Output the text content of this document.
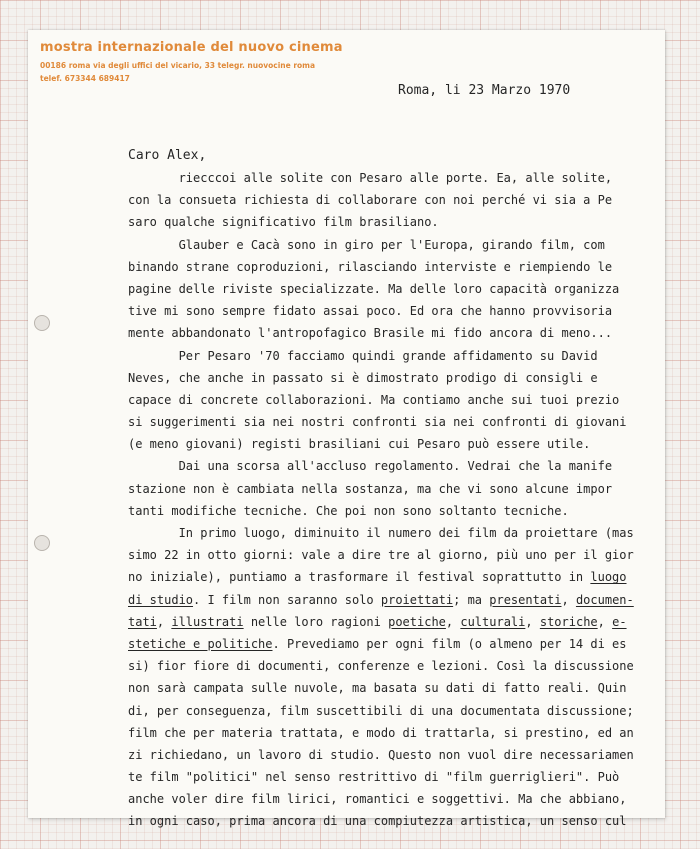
mostra internazionale del nuovo cinema

00186 roma via degli uffici del vicario, 33 telegr. nuovocine roma

telef. 673344 689417

Roma, li 23 Marzo 1970
Caro Alex,
riecccoi alle solite con Pesaro alle porte. Ea, alle solite,
con la consueta richiesta di collaborare con noi perché vi sia a Pe
saro qualche significativo film brasiliano.
Glauber e Cacà sono in giro per l'Europa, girando film, com
binando strane coproduzioni, rilasciando interviste e riempiendo le
pagine delle riviste specializzate. Ma delle loro capacità organizza
tive mi sono sempre fidato assai poco. Ed ora che hanno provvisoria
mente abbandonato l'antropofagico Brasile mi fido ancora di meno...
Per Pesaro '70 facciamo quindi grande affidamento su David
Neves, che anche in passato si è dimostrato prodigo di consigli e
capace di concrete collaborazioni. Ma contiamo anche sui tuoi prezio
si suggerimenti sia nei nostri confronti sia nei confronti di giovani
(e meno giovani) registi brasiliani cui Pesaro può essere utile.
Dai una scorsa all'accluso regolamento. Vedrai che la manife
stazione non è cambiata nella sostanza, ma che vi sono alcune impor
tanti modifiche tecniche. Che poi non sono soltanto tecniche.
In primo luogo, diminuito il numero dei film da proiettare (mas
simo 22 in otto giorni: vale a dire tre al giorno, più uno per il gior
no iniziale), puntiamo a trasformare il festival soprattutto in luogo
di studio. I film non saranno solo proiettati; ma presentati, documen-
tati, illustrati nelle loro ragioni poetiche, culturali, storiche, e-
stetiche e politiche. Prevediamo per ogni film (o almeno per 14 di es
si) fior fiore di documenti, conferenze e lezioni. Così la discussione
non sarà campata sulle nuvole, ma basata su dati di fatto reali. Quin
di, per conseguenza, film suscettibili di una documentata discussione;
film che per materia trattata, e modo di trattarla, si prestino, ed an
zi richiedano, un lavoro di studio. Questo non vuol dire necessariamen
te film "politici" nel senso restrittivo di "film guerriglieri". Può
anche voler dire film lirici, romantici e soggettivi. Ma che abbiano,
in ogni caso, prima ancora di una compiutezza artistica, un senso cul
